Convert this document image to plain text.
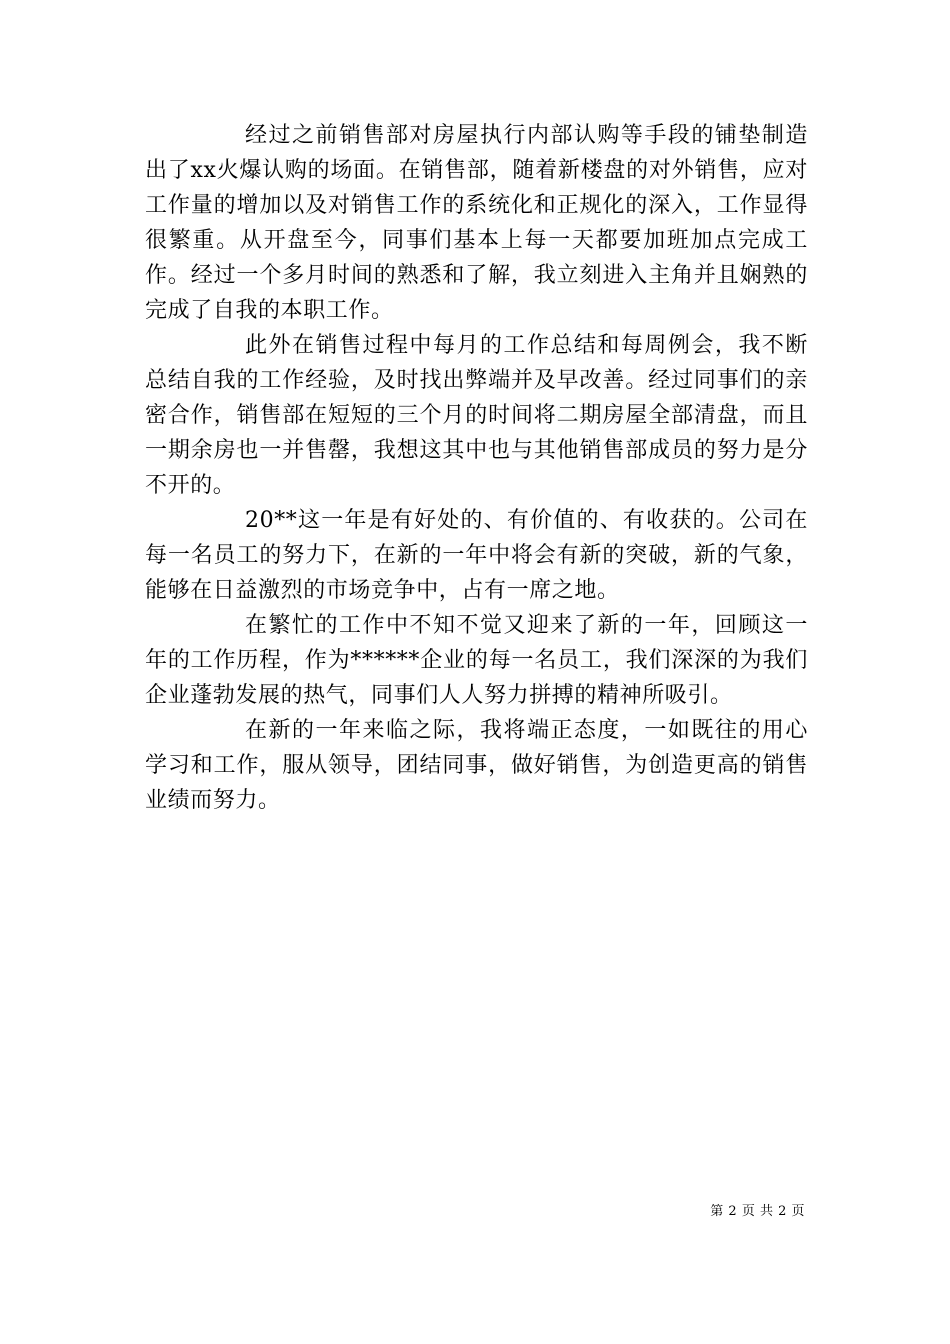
经过之前销售部对房屋执行内部认购等手段的铺垫制造出了xx火爆认购的场面。在销售部，随着新楼盘的对外销售，应对工作量的增加以及对销售工作的系统化和正规化的深入，工作显得很繁重。从开盘至今，同事们基本上每一天都要加班加点完成工作。经过一个多月时间的熟悉和了解，我立刻进入主角并且娴熟的完成了自我的本职工作。

此外在销售过程中每月的工作总结和每周例会，我不断总结自我的工作经验，及时找出弊端并及早改善。经过同事们的亲密合作，销售部在短短的三个月的时间将二期房屋全部清盘，而且一期余房也一并售罄，我想这其中也与其他销售部成员的努力是分不开的。

20**这一年是有好处的、有价值的、有收获的。公司在每一名员工的努力下，在新的一年中将会有新的突破，新的气象，能够在日益激烈的市场竞争中，占有一席之地。

在繁忙的工作中不知不觉又迎来了新的一年，回顾这一年的工作历程，作为******企业的每一名员工，我们深深的为我们企业蓬勃发展的热气，同事们人人努力拼搏的精神所吸引。

在新的一年来临之际，我将端正态度，一如既往的用心学习和工作，服从领导，团结同事，做好销售，为创造更高的销售业绩而努力。

第 2 页 共 2 页
